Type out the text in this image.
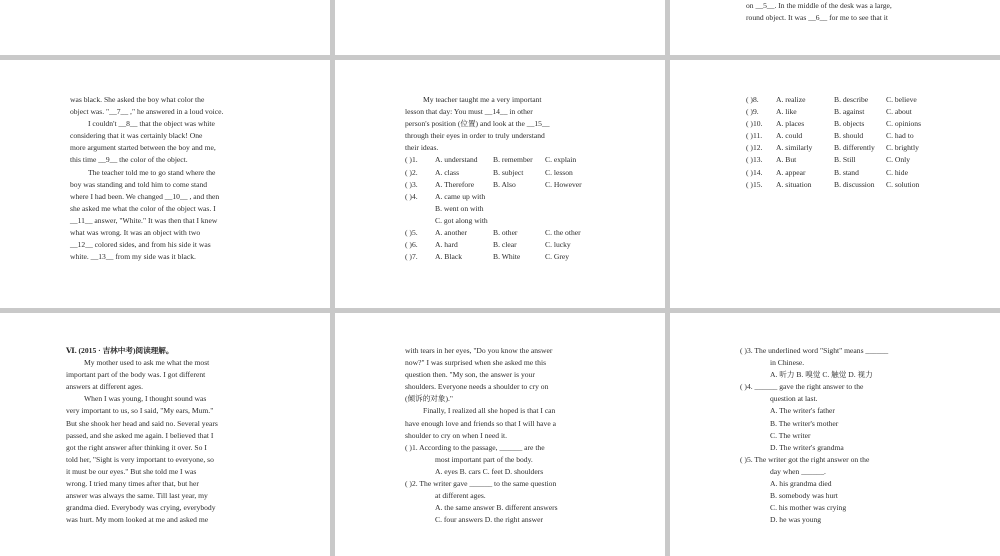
on __5__. In the middle of the desk was a large,
round object. It was __6__ for me to see that it
was black. She asked the boy what color the
object was. "__7__ ," he answered in a loud voice.
I couldn't __8__ that the object was white
considering that it was certainly black! One
more argument started between the boy and me,
this time __9__ the color of the object.
The teacher told me to go stand where the
boy was standing and told him to come stand
where I had been. We changed __10__ , and then
she asked me what the color of the object was. I
__11__ answer, "White." It was then that I knew
what was wrong. It was an object with two
__12__ colored sides, and from his side it was
white. __13__ from my side was it black.
My teacher taught me a very important
lesson that day: You must __14__ in other
person's position (位置) and look at the __15__
through their eyes in order to truly understand
their ideas.
( )1. A. understand B. remember C. explain
( )2. A. class	B. subject	C. lesson
( )3. A. Therefore B. Also	C. However
( )4. A. came up with
B. went on with
C. got along with
( )5. A. another	B. other	C. the other
( )6. A. hard	B. clear	C. lucky
( )7. A. Black	B. White	C. Grey
( )8. A. realize	B. describe C. believe
( )9. A. like	B. against	C. about
( )10. A. places	B. objects	C. opinions
( )11. A. could	B. should	C. had to
( )12. A. similarly	B. differently C. brightly
( )13. A. But	B. Still	C. Only
( )14. A. appear	B. stand	C. hide
( )15. A. situation	B. discussion C. solution
Ⅵ. (2015 · 吉林中考)阅读理解。
My mother used to ask me what the most
important part of the body was. I got different
answers at different ages.
When I was young, I thought sound was
very important to us, so I said, "My ears, Mum."
But she shook her head and said no. Several years
passed, and she asked me again. I believed that I
got the right answer after thinking it over. So I
told her, "Sight is very important to everyone, so
it must be our eyes." But she told me I was
wrong. I tried many times after that, but her
answer was always the same. Till last year, my
grandma died. Everybody was crying, everybody
was hurt. My mom looked at me and asked me
with tears in her eyes, "Do you know the answer
now?" I was surprised when she asked me this
question then. "My son, the answer is your
shoulders. Everyone needs a shoulder to cry on
(倾诉的对象)."
Finally, I realized all she hoped is that I can
have enough love and friends so that I will have a
shoulder to cry on when I need it.
( )1. According to the passage, ______ are the
most important part of the body.
A. eyes B. cars C. feet D. shoulders
( )2. The writer gave ______ to the same question
at different ages.
A. the same answer B. different answers
C. four answers D. the right answer
( )3. The underlined word "Sight" means ______
in Chinese.
A. 听力 B. 嗅觉 C. 触觉 D. 视力
( )4. ______ gave the right answer to the
question at last.
A. The writer's father
B. The writer's mother
C. The writer
D. The writer's grandma
( )5. The writer got the right answer on the
day when ______.
A. his grandma died
B. somebody was hurt
C. his mother was crying
D. he was young
